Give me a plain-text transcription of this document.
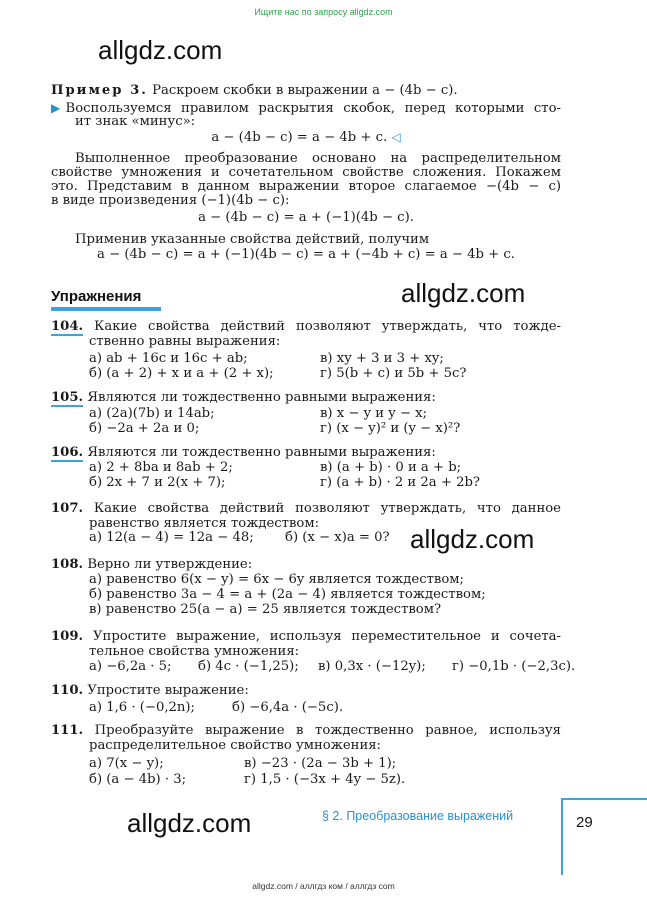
Ищите нас по запросу allgdz.com
allgdz.com
Пример 3. Раскроем скобки в выражении a − (4b − c).
▶Воспользуемся правилом раскрытия скобок, перед которыми сто-
ит знак «минус»:
a − (4b − c) = a − 4b + c. ◁
Выполненное преобразование основано на распределительном
свойстве умножения и сочетательном свойстве сложения. Покажем
это. Представим в данном выражении второе слагаемое −(4b − c)
в виде произведения (−1)(4b − c):
a − (4b − c) = a + (−1)(4b − c).
Применив указанные свойства действий, получим
a − (4b − c) = a + (−1)(4b − c) = a + (−4b + c) = a − 4b + c.
Упражнения	allgdz.com
104. Какие свойства действий позволяют утверждать, что тожде-
ственно равны выражения:
а) ab + 16c и 16c + ab;	в) xy + 3 и 3 + xy;
б) (a + 2) + x и a + (2 + x);	г) 5(b + c) и 5b + 5c?
105. Являются ли тождественно равными выражения:
а) (2a)(7b) и 14ab;	в) x − y и y − x;
б) −2a + 2a и 0;	г) (x − y)² и (y − x)²?
106. Являются ли тождественно равными выражения:
а) 2 + 8ba и 8ab + 2;	в) (a + b) · 0 и a + b;
б) 2x + 7 и 2(x + 7);	г) (a + b) · 2 и 2a + 2b?
107. Какие свойства действий позволяют утверждать, что данное
равенство является тождеством:
а) 12(a − 4) = 12a − 48; б) (x − x)a = 0? allgdz.com
108. Верно ли утверждение:
а) равенство 6(x − y) = 6x − 6y является тождеством;
б) равенство 3a − 4 = a + (2a − 4) является тождеством;
в) равенство 25(a − a) = 25 является тождеством?
109. Упростите выражение, используя переместительное и сочета-
тельное свойства умножения:
а) −6,2a · 5; б) 4c · (−1,25); в) 0,3x · (−12y); г) −0,1b · (−2,3c).
110. Упростите выражение:
а) 1,6 · (−0,2n);	б) −6,4a · (−5c).
111. Преобразуйте выражение в тождественно равное, используя
распределительное свойство умножения:
а) 7(x − y);	в) −23 · (2a − 3b + 1);
б) (a − 4b) · 3;	г) 1,5 · (−3x + 4y − 5z).
allgdz.com	§ 2. Преобразование выражений	29
allgdz.com / аллгдз ком / аллгдз com
